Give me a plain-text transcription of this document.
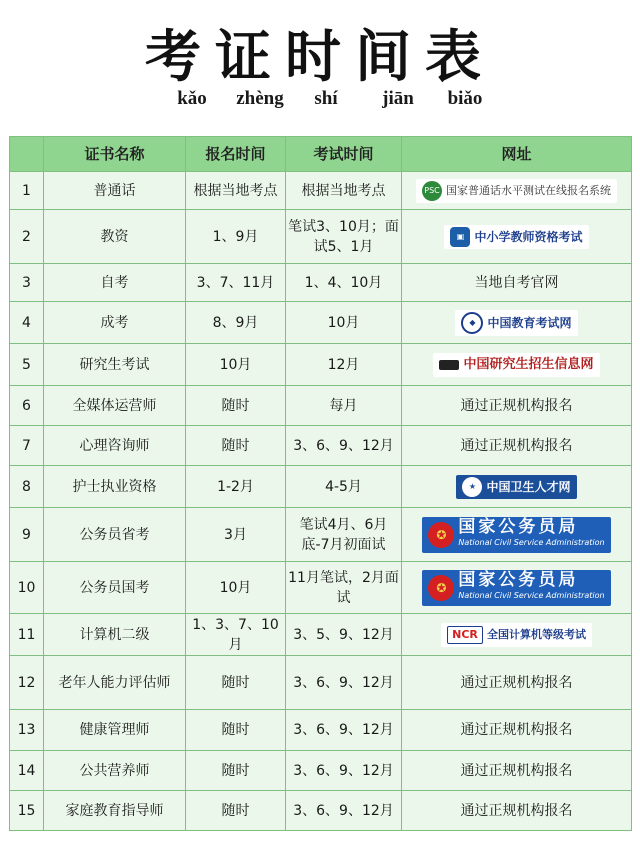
考证时间表
kǎo	zhèng	shí	jiān	biǎo
	证书名称	报名时间	考试时间	网址
1	普通话	根据当地考点	根据当地考点	PSC 国家普通话水平测试在线报名系统

2	教资	1、9月	笔试3、10月；面试5、1月	▣ 中小学教师资格考试

3	自考	3、7、11月	1、4、10月	当地自考官网
4	成考	8、9月	10月	◆ 中国教育考试网

5	研究生考试	10月	12月	中国研究生招生信息网

6	全媒体运营师	随时	每月	通过正规机构报名
7	心理咨询师	随时	3、6、9、12月	通过正规机构报名
8	护士执业资格	1-2月	4-5月	★ 中国卫生人才网

9	公务员省考	3月	笔试4月、6月底-7月初面试	✪ 国家公务员局
National Civil Service Administration

10	公务员国考	10月	11月笔试，2月面试	✪ 国家公务员局
National Civil Service Administration

11	计算机二级	1、3、7、10月	3、5、9、12月	NCR 全国计算机等级考试

12	老年人能力评估师	随时	3、6、9、12月	通过正规机构报名
13	健康管理师	随时	3、6、9、12月	通过正规机构报名
14	公共营养师	随时	3、6、9、12月	通过正规机构报名
15	家庭教育指导师	随时	3、6、9、12月	通过正规机构报名
